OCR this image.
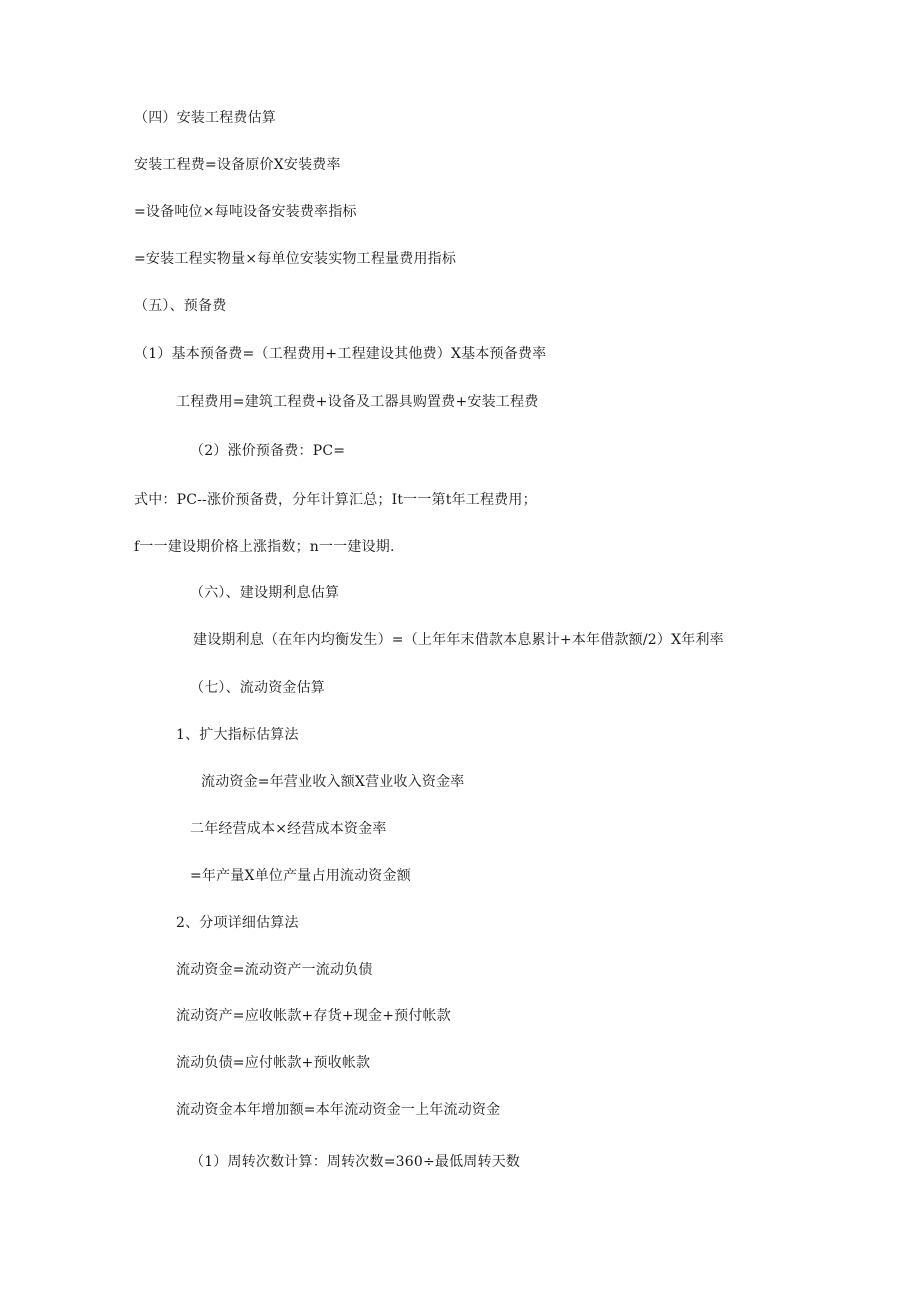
（四）安装工程费估算
安装工程费=设备原价X安装费率
=设备吨位×每吨设备安装费率指标
=安装工程实物量×每单位安装实物工程量费用指标
（五）、预备费
（1）基本预备费=（工程费用+工程建设其他费）X基本预备费率
工程费用=建筑工程费+设备及工器具购置费+安装工程费
（2）涨价预备费：PC=
式中：PC--涨价预备费，分年计算汇总；It一一第t年工程费用；
f一一建设期价格上涨指数；n一一建设期.
（六）、建设期利息估算
建设期利息（在年内均衡发生）=（上年年末借款本息累计+本年借款额/2）X年利率
（七）、流动资金估算
1、扩大指标估算法
流动资金=年营业收入额X营业收入资金率
二年经营成本×经营成本资金率
=年产量X单位产量占用流动资金额
2、分项详细估算法
流动资金=流动资产一流动负债
流动资产=应收帐款+存货+现金+预付帐款
流动负债=应付帐款+预收帐款
流动资金本年增加额=本年流动资金一上年流动资金
（1）周转次数计算：周转次数=360÷最低周转天数
